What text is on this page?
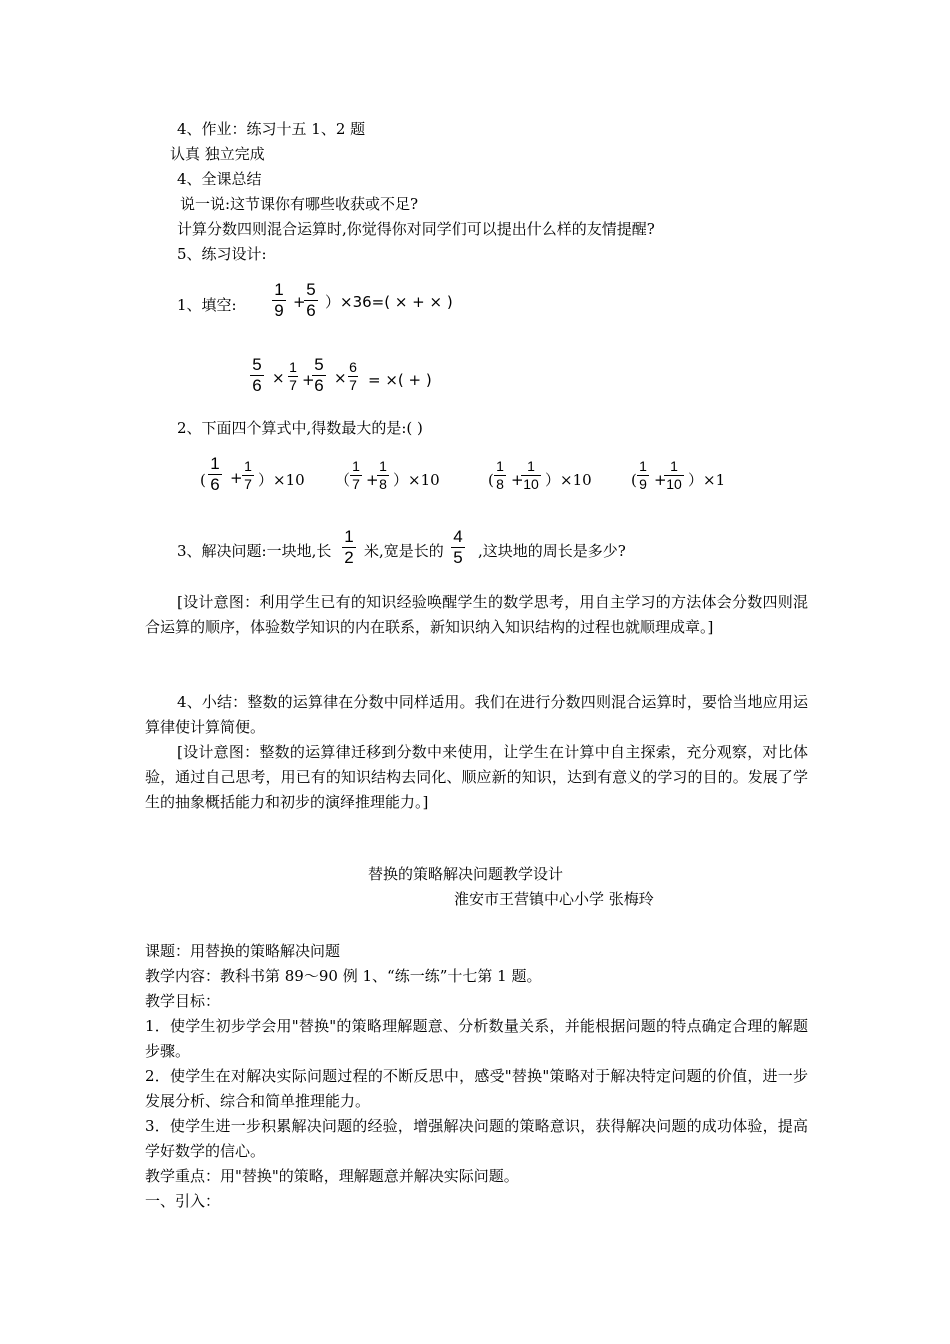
4、作业：练习十五 1、2 题
认真 独立完成
4、全课总结
说一说:这节课你有哪些收获或不足?
计算分数四则混合运算时,你觉得你对同学们可以提出什么样的友情提醒?
5、练习设计:
1、填空:
1
9 +
5
6 ）×36=( × + × )
5
6 ×
1
7 +
5
6 ×
6
7 = ×( + )
2、下面四个算式中,得数最大的是:( )
(
1
6 +
1
7 ）×10 （
1
7 +
1
8 ）×10	(
1
8 +
1
10 ）×10	(
1
9 +
1
10 ）×1
3、解决问题:一块地,长
1
2 米,宽是长的
4
5 ,这块地的周长是多少?
[设计意图：利用学生已有的知识经验唤醒学生的数学思考，用自主学习的方法体会分数四则混合运算的顺序，体验数学知识的内在联系，新知识纳入知识结构的过程也就顺理成章。]
4、小结：整数的运算律在分数中同样适用。我们在进行分数四则混合运算时，要恰当地应用运算律使计算简便。
[设计意图：整数的运算律迁移到分数中来使用，让学生在计算中自主探索，充分观察，对比体验，通过自己思考，用已有的知识结构去同化、顺应新的知识，达到有意义的学习的目的。发展了学生的抽象概括能力和初步的演绎推理能力。]
替换的策略解决问题教学设计
淮安市王营镇中心小学 张梅玲
课题：用替换的策略解决问题
教学内容：教科书第 89～90 例 1、“练一练”十七第 1 题。
教学目标：
1．使学生初步学会用"替换"的策略理解题意、分析数量关系，并能根据问题的特点确定合理的解题步骤。
2．使学生在对解决实际问题过程的不断反思中，感受"替换"策略对于解决特定问题的价值，进一步发展分析、综合和简单推理能力。
3．使学生进一步积累解决问题的经验，增强解决问题的策略意识，获得解决问题的成功体验，提高学好数学的信心。
教学重点：用"替换"的策略，理解题意并解决实际问题。
一、引入：
